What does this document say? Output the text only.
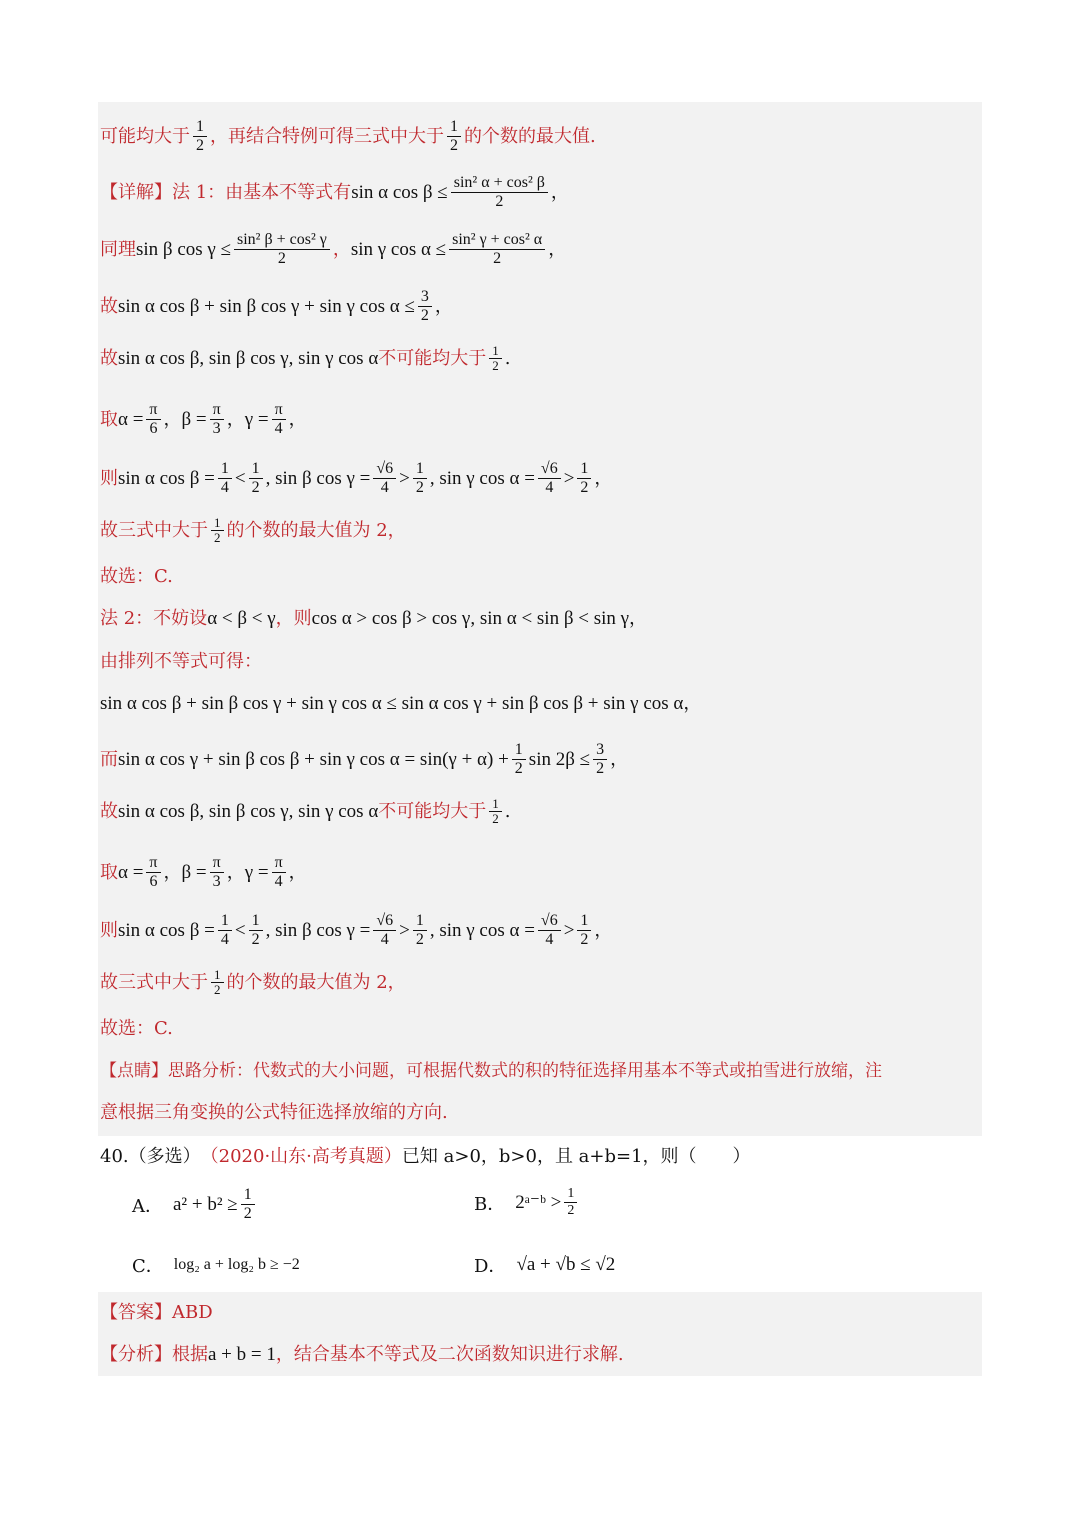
可能均大于 $\frac{1}{2}$ ，再结合特例可得三式中大于 $\frac{1}{2}$ 的个数的最大值.
【详解】 法 1：由基本不等式有 sin α $\cos \beta \le \frac{\text{sin² α + cos² β}}{2}$ ，
同理 sin β $\cos \gamma \le \frac{\text{sin² β + cos² γ}}{2}$ ， sin γ $\cos \alpha \le \frac{\text{sin² γ + cos² α}}{2}$ ，
故 sin α cos β + sin β cos γ + sin γ $\cos \alpha \le \frac{3}{2}$ ，
故 sin α cos β, sin β cos γ, sin γ cos α 不可能均大于 $\frac{1}{2}$ .
取 $\alpha = \frac{\pi}{6}$ ， $\beta = \frac{\pi}{3}$ ， $\gamma = \frac{\pi}{4}$ ，
则 sin α $\cos \beta = \frac{1}{4} < \frac{1}{2}$ , sin β $\cos \gamma = \frac{√6}{4} > \frac{1}{2}$ , sin γ $\cos \alpha = \frac{√6}{4} > \frac{1}{2}$ ，
故三式中大于 $\frac{1}{2}$ 的个数的最大值为 2，
故选：C.
法 2：不妨设 α < β < γ ，则 cos α > cos β > cos γ, sin α < sin β < sin γ ，
由排列不等式可得：
sin α cos β + sin β cos γ + sin γ cos α ≤ sin α cos γ + sin β cos β + sin γ cos α ，
而 sin α cos γ + sin β cos β + sin γ $\cos \alpha = \sin(\gamma + \alpha) + \frac{1}{2}$ $\sin 2\beta \le \frac{3}{2}$ ，
故 sin α cos β, sin β cos γ, sin γ cos α 不可能均大于 $\frac{1}{2}$ .
取 $\alpha = \frac{\pi}{6}$ ， $\beta = \frac{\pi}{3}$ ， $\gamma = \frac{\pi}{4}$ ，
则 sin α $\cos \beta = \frac{1}{4} < \frac{1}{2}$ , sin β $\cos \gamma = \frac{√6}{4} > \frac{1}{2}$ , sin γ $\cos \alpha = \frac{√6}{4} > \frac{1}{2}$ ，
故三式中大于 $\frac{1}{2}$ 的个数的最大值为 2，
故选：C.
【点睛】 思路分析：代数式的大小问题，可根据代数式的积的特征选择用基本不等式或拍雪进行放缩，注
意根据三角变换的公式特征选择放缩的方向.
40.（多选） （2020·山东·高考真题） 已知 a>0，b>0，且 a+b=1，则（　　）
A． $a^2 + b^2 \ge \frac{1}{2}$	B． 2ᵃ⁻ᵇ > $\frac{1}{2}$
C． log₂ a + log₂ b ≥ −2	D． √a + √b ≤ √2
【答案】 ABD
【分析】 根据 a + b = 1 ，结合基本不等式及二次函数知识进行求解.
